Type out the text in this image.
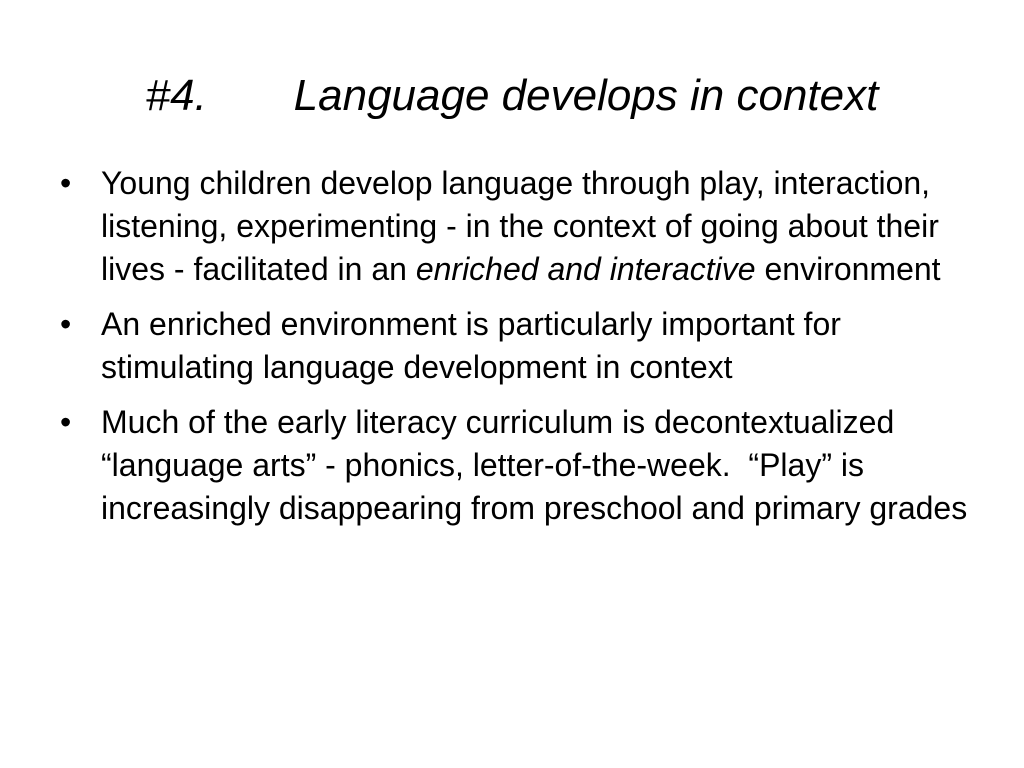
#4. Language develops in context
• Young children develop language through play, interaction, listening, experimenting - in the context of going about their lives - facilitated in an enriched and interactive environment
• An enriched environment is particularly important for stimulating language development in context
• Much of the early literacy curriculum is decontextualized “language arts” - phonics, letter-of-the-week.  “Play” is increasingly disappearing from preschool and primary grades
